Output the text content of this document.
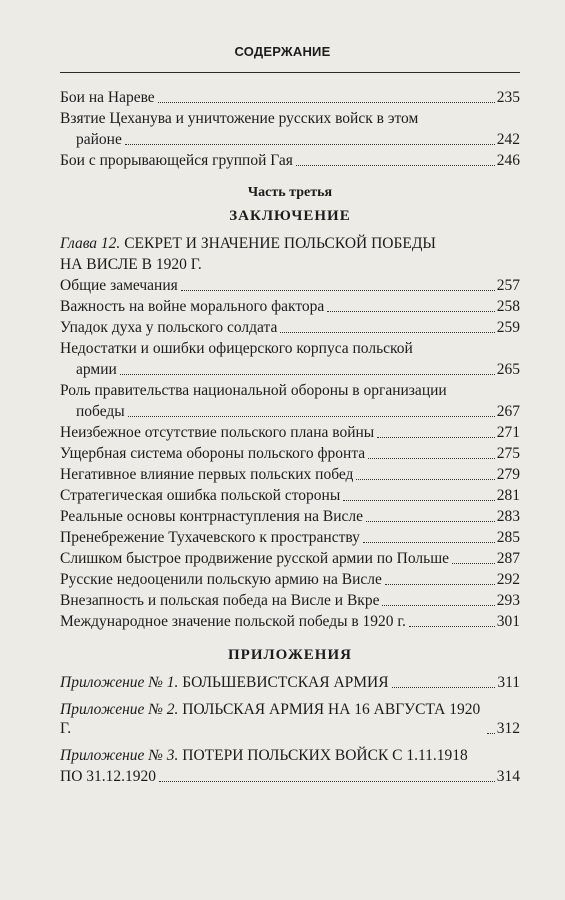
СОДЕРЖАНИЕ
Бои на Нареве	235
Взятие Цеханува и уничтожение русских войск в этом
районе	242
Бои с прорывающейся группой Гая	246
Часть третья
ЗАКЛЮЧЕНИЕ
Глава 12. СЕКРЕТ И ЗНАЧЕНИЕ ПОЛЬСКОЙ ПОБЕДЫ
НА ВИСЛЕ В 1920 Г.
Общие замечания	257
Важность на войне морального фактора	258
Упадок духа у польского солдата	259
Недостатки и ошибки офицерского корпуса польской
армии	265
Роль правительства национальной обороны в организации
победы	267
Неизбежное отсутствие польского плана войны	271
Ущербная система обороны польского фронта	275
Негативное влияние первых польских побед	279
Стратегическая ошибка польской стороны	281
Реальные основы контрнаступления на Висле	283
Пренебрежение Тухачевского к пространству	285
Слишком быстрое продвижение русской армии по Польше	287
Русские недооценили польскую армию на Висле	292
Внезапность и польская победа на Висле и Вкре	293
Международное значение польской победы в 1920 г.	301
ПРИЛОЖЕНИЯ
Приложение № 1. БОЛЬШЕВИСТСКАЯ АРМИЯ	311
Приложение № 2. ПОЛЬСКАЯ АРМИЯ НА 16 АВГУСТА 1920 Г.	312
Приложение № 3. ПОТЕРИ ПОЛЬСКИХ ВОЙСК С 1.11.1918
ПО 31.12.1920	314
